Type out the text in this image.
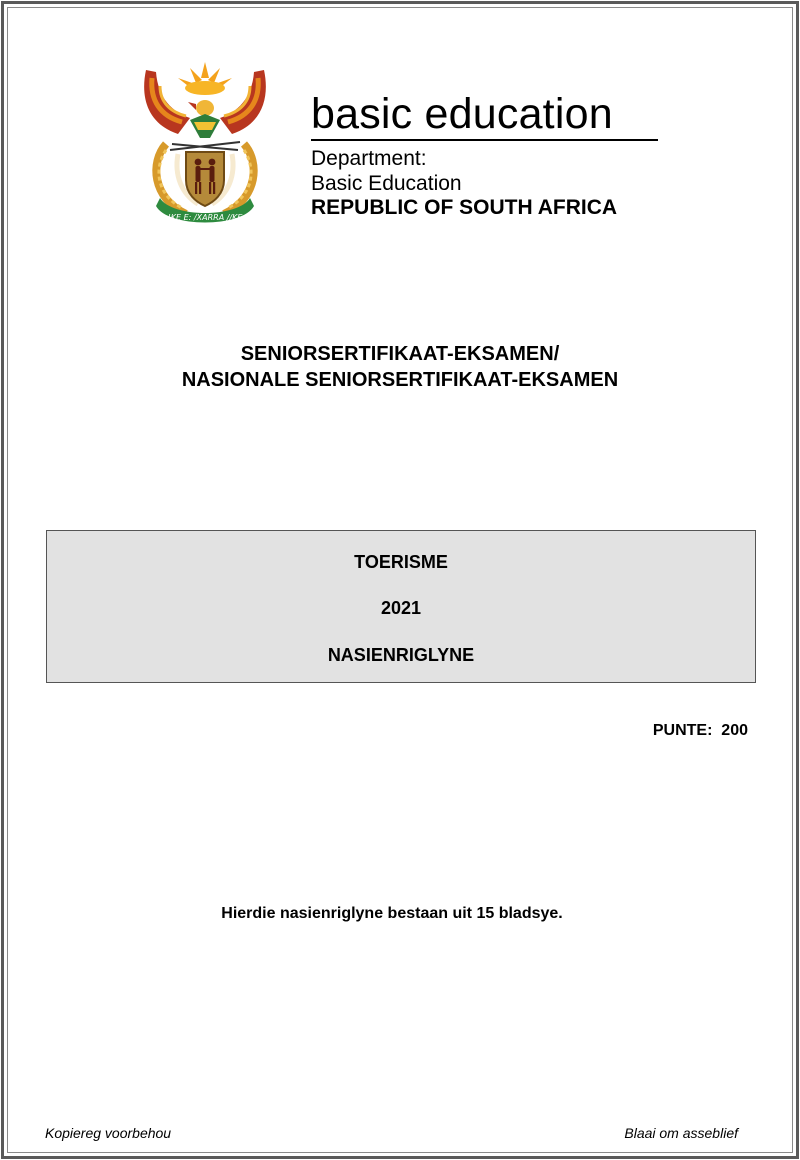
!KE E: /XARRA //KE
basic education
Department:
Basic Education
REPUBLIC OF SOUTH AFRICA
SENIORSERTIFIKAAT-EKSAMEN/
NASIONALE SENIORSERTIFIKAAT-EKSAMEN
TOERISME
2021
NASIENRIGLYNE
PUNTE:  200
Hierdie nasienriglyne bestaan uit 15 bladsye.
Kopiereg voorbehou	Blaai om asseblief
